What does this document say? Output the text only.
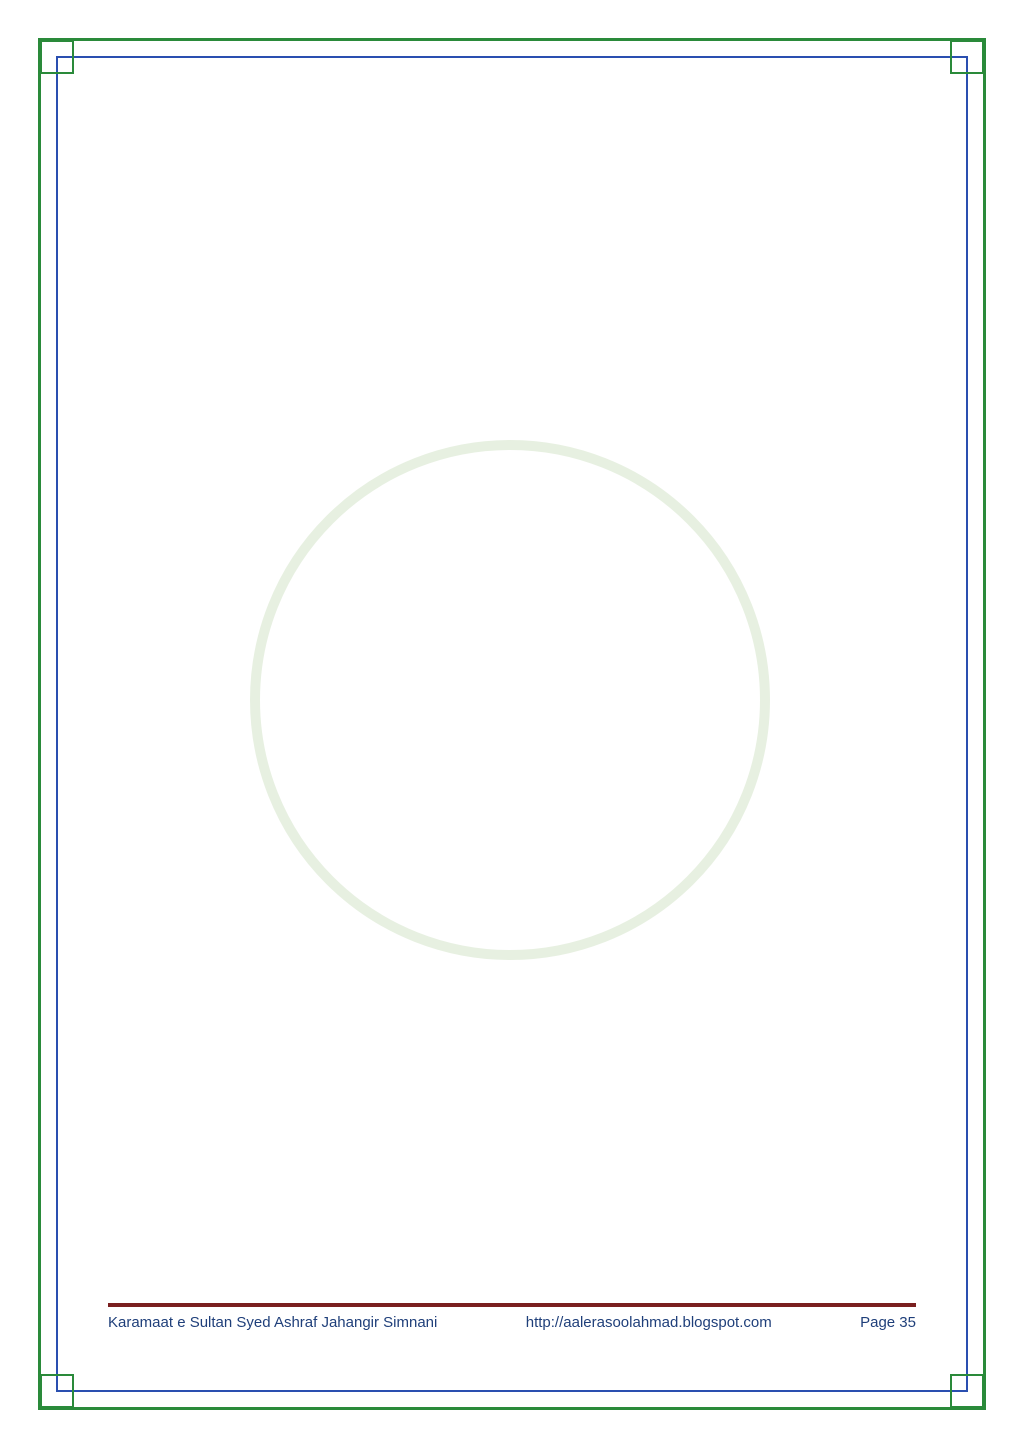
Karamaat e Sultan Syed Ashraf Jahangir Simnani	http://aalerasoolahmad.blogspot.com	Page 35
